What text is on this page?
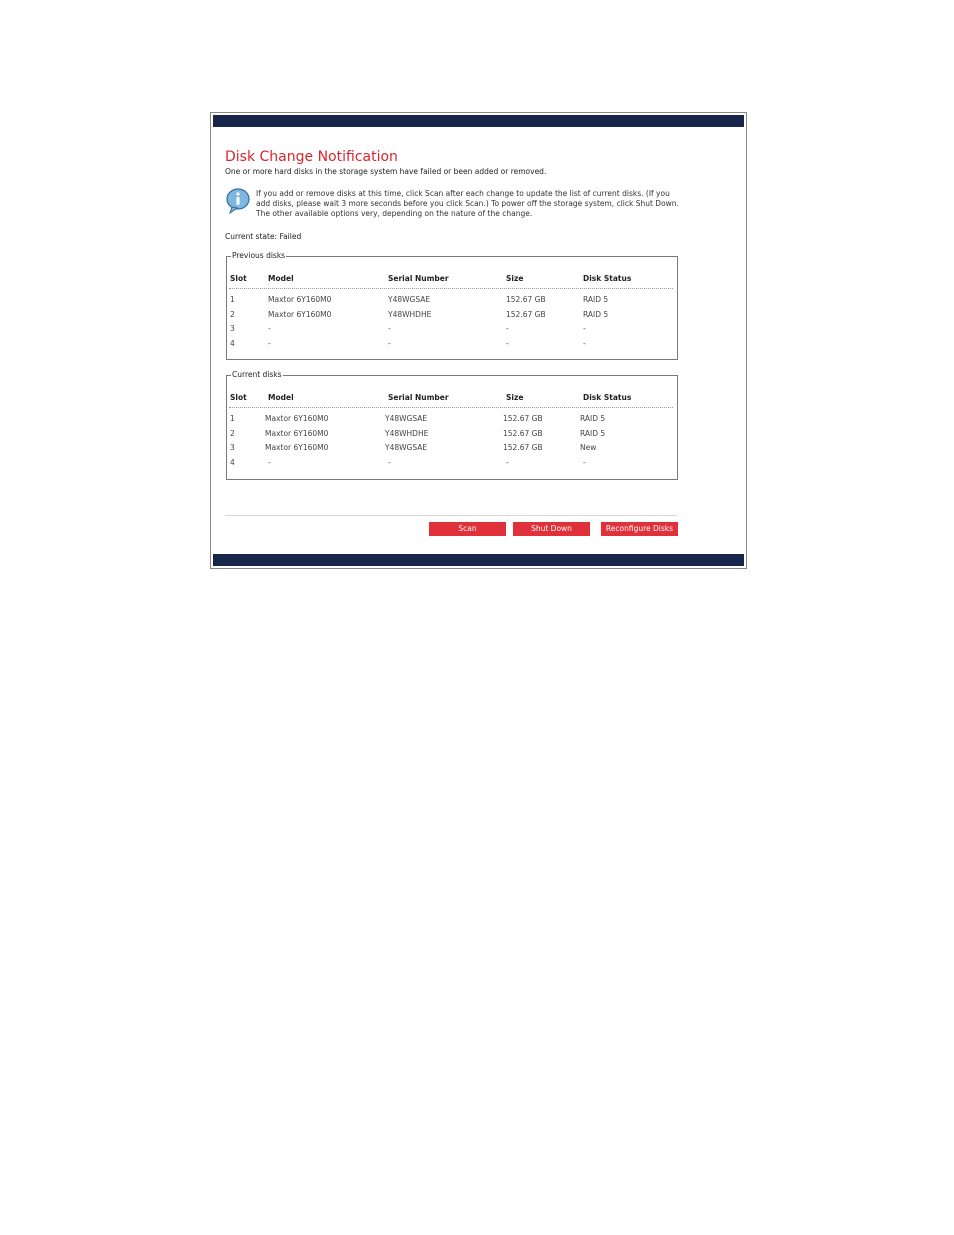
Disk Change Notification
One or more hard disks in the storage system have failed or been added or removed.
If you add or remove disks at this time, click Scan after each change to update the list of current disks. (If you add disks, please wait 3 more seconds before you click Scan.) To power off the storage system, click Shut Down. The other available options very, depending on the nature of the change.
Current state: Failed
Previous disks
Slot	Model	Serial Number	Size	Disk Status
1	Maxtor 6Y160M0	Y48WGSAE	152.67 GB	RAID 5
2	Maxtor 6Y160M0	Y48WHDHE	152.67 GB	RAID 5
3	-	-	-	-
4	-	-	-	-
Current disks
Slot	Model	Serial Number	Size	Disk Status
1	Maxtor 6Y160M0	Y48WGSAE	152.67 GB	RAID 5
2	Maxtor 6Y160M0	Y48WHDHE	152.67 GB	RAID 5
3	Maxtor 6Y160M0	Y48WGSAE	152.67 GB	New
4	-	-	-	-
Scan	Shut Down	Reconfigure Disks
